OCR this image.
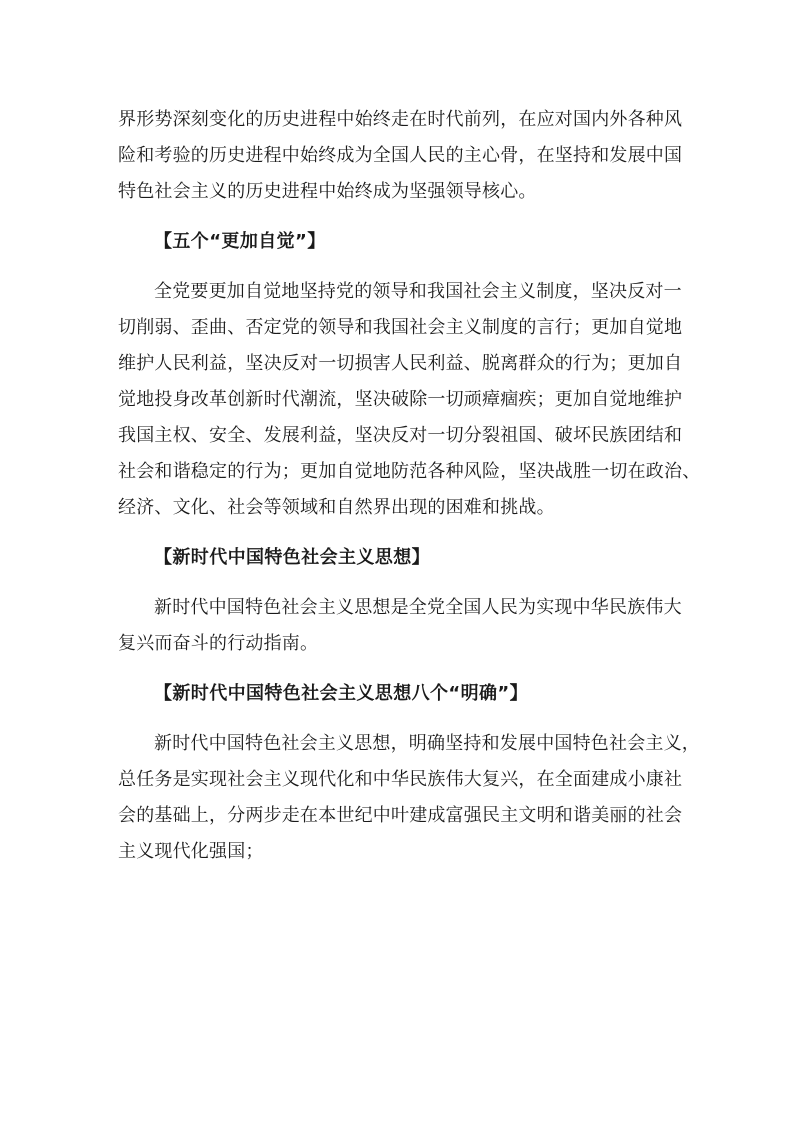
界形势深刻变化的历史进程中始终走在时代前列，在应对国内外各种风
险和考验的历史进程中始终成为全国人民的主心骨，在坚持和发展中国
特色社会主义的历史进程中始终成为坚强领导核心。
【五个“更加自觉”】
全党要更加自觉地坚持党的领导和我国社会主义制度，坚决反对一
切削弱、歪曲、否定党的领导和我国社会主义制度的言行；更加自觉地
维护人民利益，坚决反对一切损害人民利益、脱离群众的行为；更加自
觉地投身改革创新时代潮流，坚决破除一切顽瘴痼疾；更加自觉地维护
我国主权、安全、发展利益，坚决反对一切分裂祖国、破坏民族团结和
社会和谐稳定的行为；更加自觉地防范各种风险，坚决战胜一切在政治、
经济、文化、社会等领域和自然界出现的困难和挑战。
【新时代中国特色社会主义思想】
新时代中国特色社会主义思想是全党全国人民为实现中华民族伟大
复兴而奋斗的行动指南。
【新时代中国特色社会主义思想八个“明确”】
新时代中国特色社会主义思想，明确坚持和发展中国特色社会主义，
总任务是实现社会主义现代化和中华民族伟大复兴，在全面建成小康社
会的基础上，分两步走在本世纪中叶建成富强民主文明和谐美丽的社会
主义现代化强国；
